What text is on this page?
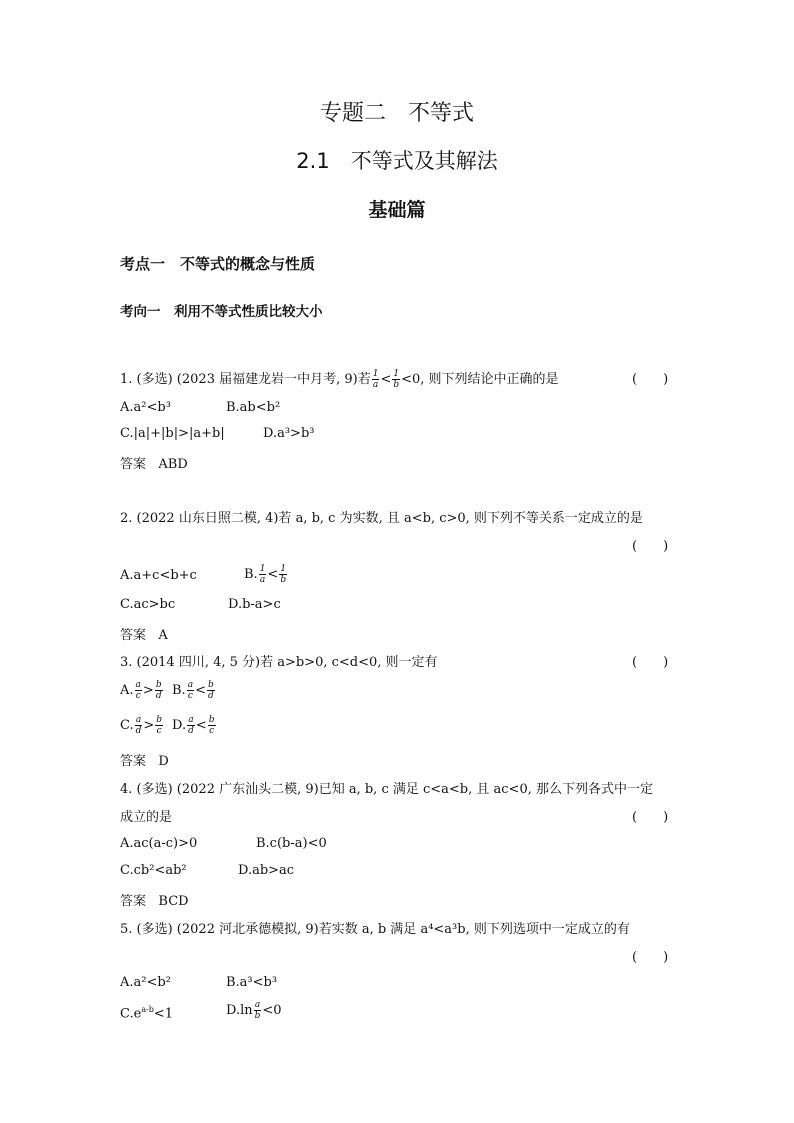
专题二　不等式
2.1　不等式及其解法
基础篇
考点一　不等式的概念与性质
考向一　利用不等式性质比较大小
1. (多选) (2023 届福建龙岩一中月考, 9)若 $\frac{1}{a} < \frac{1}{b} <0$, 则下列结论中正确的是	(　　)
A.a²<b³	B.ab<b²
C.|a|+|b|>|a+b|	D.a³>b³
答案 ABD
2. (2022 山东日照二模, 4)若 a, b, c 为实数, 且 a<b, c>0, 则下列不等关系一定成立的是
(　　)
A.a+c<b+c	B. $\frac{1}{a} < \frac{1}{b}$
C.ac>bc	D.b-a>c
答案 A
3. (2014 四川, 4, 5 分)若 a>b>0, c<d<0, 则一定有	(　　)
A. $\frac{a}{c} > \frac{b}{d} B$. $\frac{a}{c} < \frac{b}{d}$
C. $\frac{a}{d} > \frac{b}{c} D$. $\frac{a}{d} < \frac{b}{c}$
答案 D
4. (多选) (2022 广东汕头二模, 9)已知 a, b, c 满足 c<a<b, 且 ac<0, 那么下列各式中一定
成立的是	(　　)
A.ac(a-c)>0	B.c(b-a)<0
C.cb²<ab²	D.ab>ac
答案 BCD
5. (多选) (2022 河北承德模拟, 9)若实数 a, b 满足 a⁴<a³b, 则下列选项中一定成立的有
(　　)
A.a²<b²	B.a³<b³
$C.e^{a-b}<1$	$D.\ln \frac{a}{b} <0$
